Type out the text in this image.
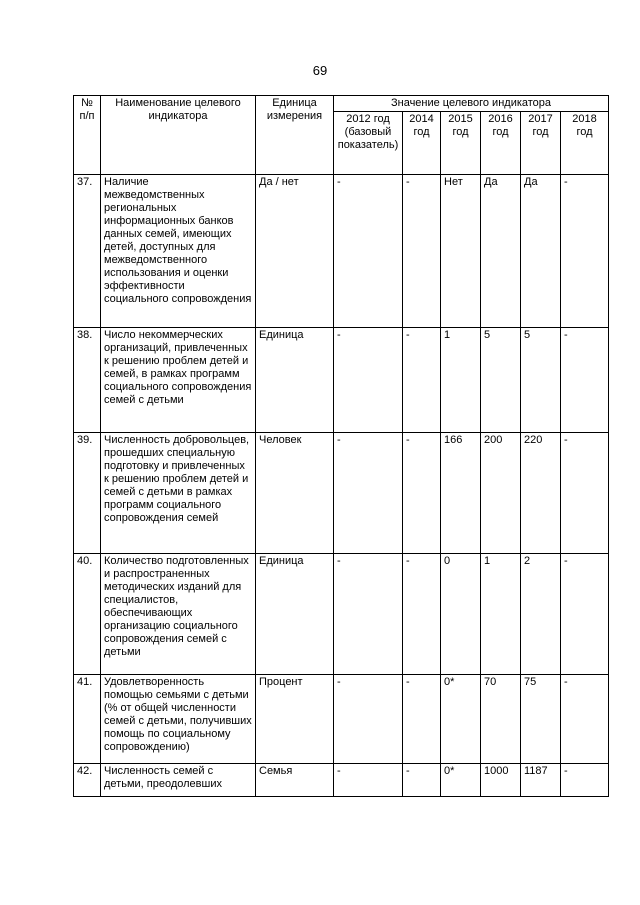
69
№ п/п	Наименование целевого индикатора	Единица измерения	Значение целевого индикатора					
			2012 год (базовый показатель)	2014 год	2015 год	2016 год	2017 год	2018 год
37.	Наличие межведомственных региональных информационных банков данных семей, имеющих детей, доступных для межведомственного использования и оценки эффективности социального сопровождения	Да / нет	-	-	Нет	Да	Да	-
38.	Число некоммерческих организаций, привлеченных к решению проблем детей и семей, в рамках программ социального сопровождения семей с детьми	Единица	-	-	1	5	5	-
39.	Численность добровольцев, прошедших специальную подготовку и привлеченных к решению проблем детей и семей с детьми в рамках программ социального сопровождения семей	Человек	-	-	166	200	220	-
40.	Количество подготовленных и распространенных методических изданий для специалистов, обеспечивающих организацию социального сопровождения семей с детьми	Единица	-	-	0	1	2	-
41.	Удовлетворенность помощью семьями с детьми (% от общей численности семей с детьми, получивших помощь по социальному сопровождению)	Процент	-	-	0*	70	75	-
42.	Численность семей с детьми, преодолевших	Семья	-	-	0*	1000	1187	-
